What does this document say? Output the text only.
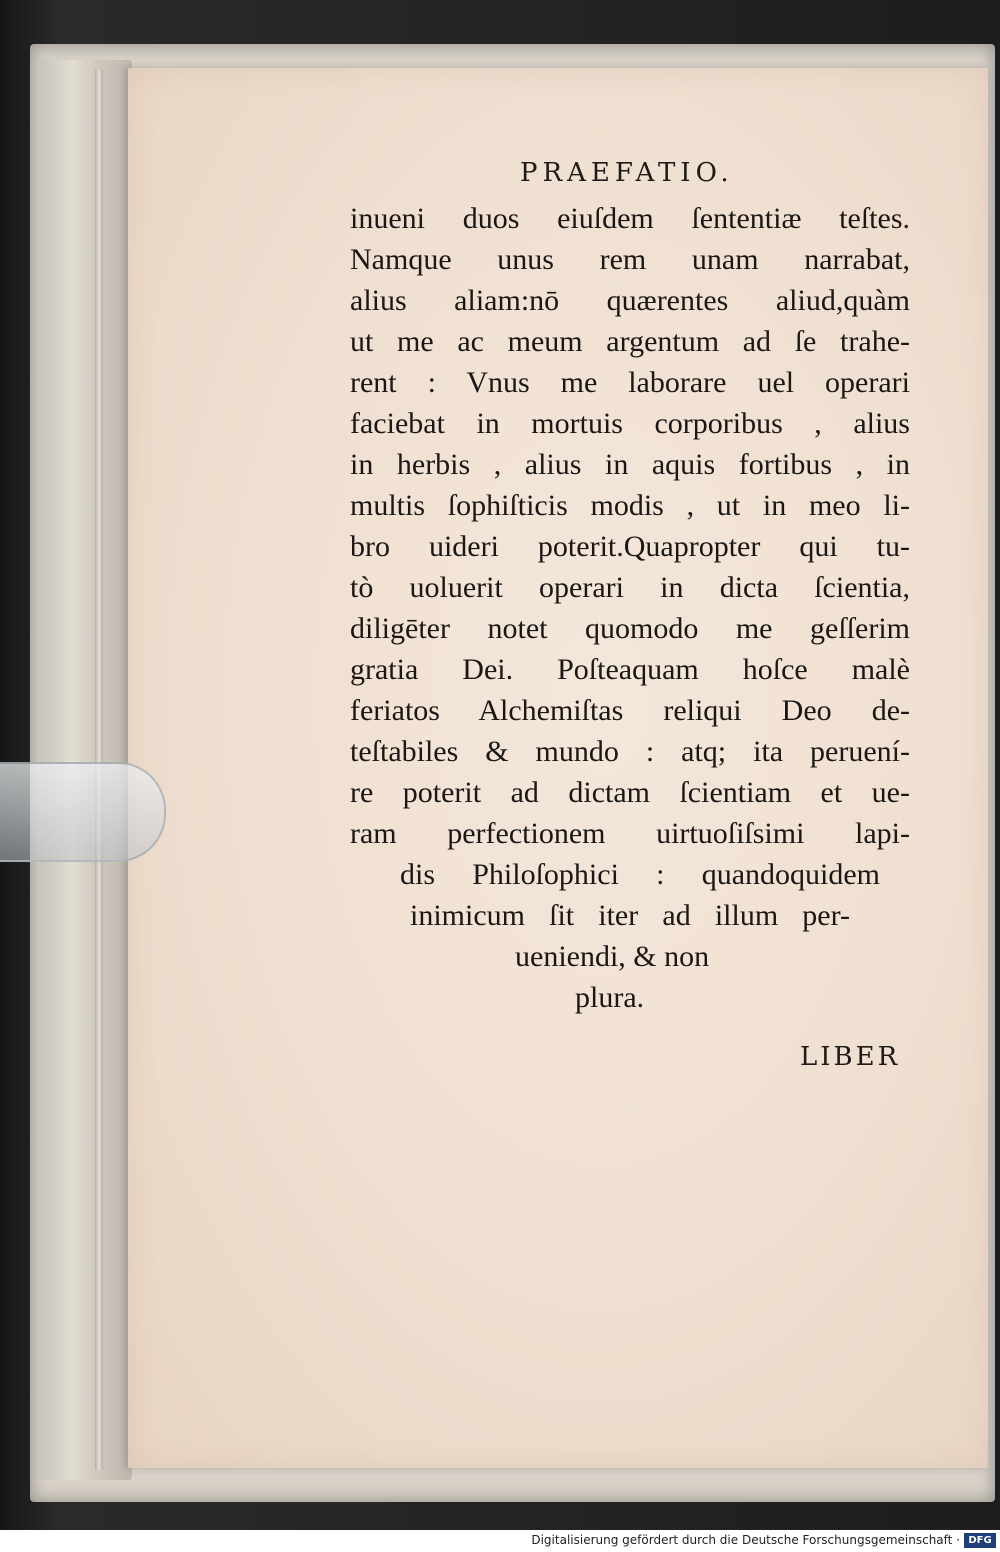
PRAEFATIO.
inueni duos eiuſdem ſententiæ teſtes.
Namque unus rem unam narrabat,
alius aliam:nō quærentes aliud,quàm
ut me ac meum argentum ad ſe trahe-
rent : Vnus me laborare uel operari
faciebat in mortuis corporibus , alius
in herbis , alius in aquis fortibus , in
multis ſophiſticis modis , ut in meo li-
bro uideri poterit.Quapropter qui tu-
tò uoluerit operari in dicta ſcientia,
diligēter notet quomodo me geſſerim
gratia Dei. Poſteaquam hoſce malè
feriatos Alchemiſtas reliqui Deo de-
teſtabiles & mundo : atq; ita peruení-
re poterit ad dictam ſcientiam et ue-
ram perfectionem uirtuoſiſsimi lapi-
dis Philoſophici : quandoquidem
inimicum ſit iter ad illum per-
ueniendi, & non
plura.
LIBER
Digitalisierung gefördert durch die Deutsche Forschungsgemeinschaft · DFG
